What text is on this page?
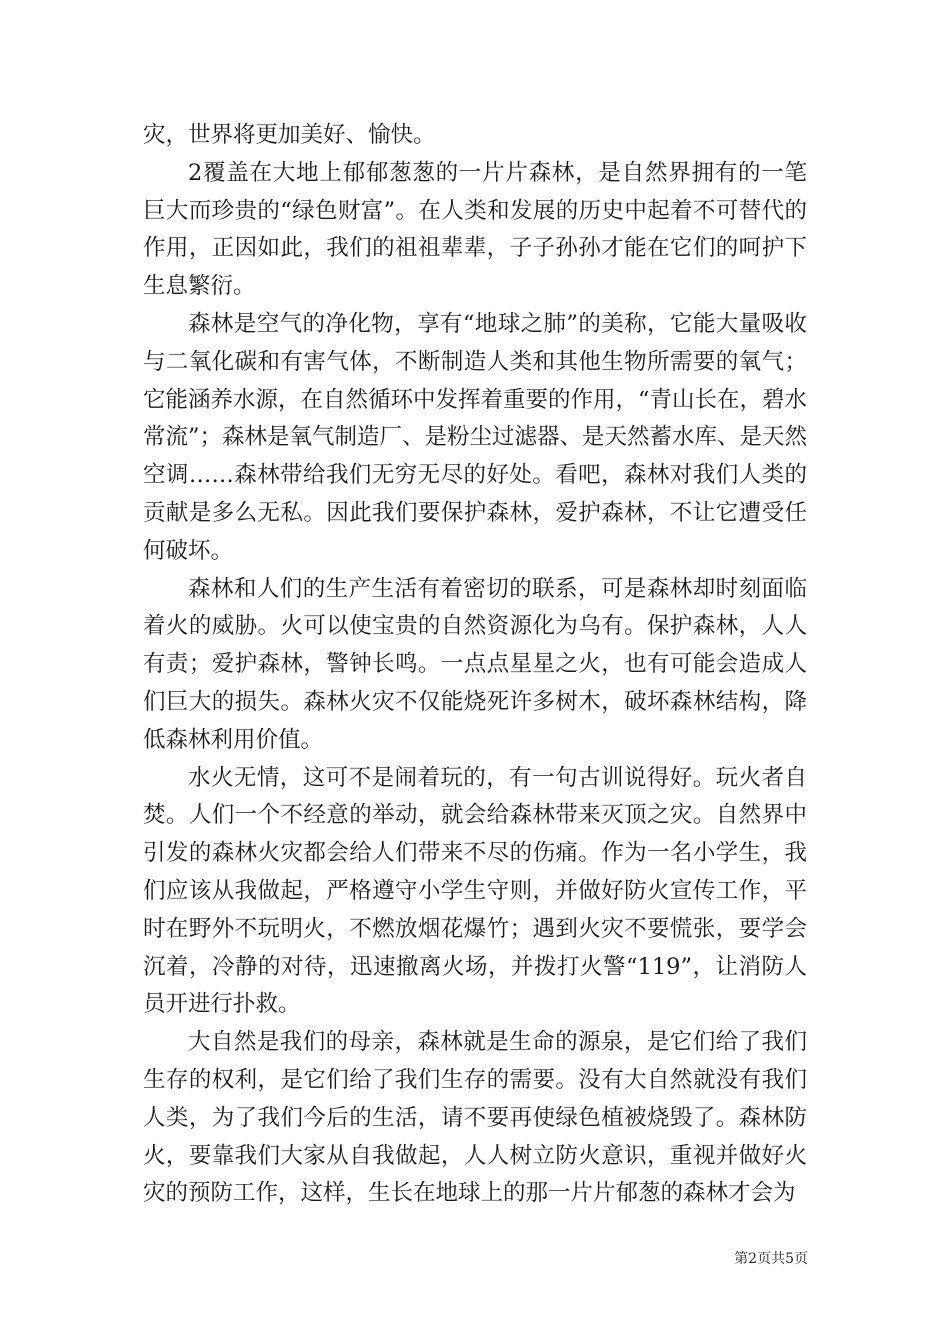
灾，世界将更加美好、愉快。

2覆盖在大地上郁郁葱葱的一片片森林，是自然界拥有的一笔巨大而珍贵的“绿色财富”。在人类和发展的历史中起着不可替代的作用，正因如此，我们的祖祖辈辈，子子孙孙才能在它们的呵护下生息繁衍。

森林是空气的净化物，享有“地球之肺”的美称，它能大量吸收与二氧化碳和有害气体，不断制造人类和其他生物所需要的氧气；它能涵养水源，在自然循环中发挥着重要的作用，“青山长在，碧水常流”；森林是氧气制造厂、是粉尘过滤器、是天然蓄水库、是天然空调……森林带给我们无穷无尽的好处。看吧，森林对我们人类的贡献是多么无私。因此我们要保护森林，爱护森林，不让它遭受任何破坏。

森林和人们的生产生活有着密切的联系，可是森林却时刻面临着火的威胁。火可以使宝贵的自然资源化为乌有。保护森林，人人有责；爱护森林，警钟长鸣。一点点星星之火，也有可能会造成人们巨大的损失。森林火灾不仅能烧死许多树木，破坏森林结构，降低森林利用价值。

水火无情，这可不是闹着玩的，有一句古训说得好。玩火者自焚。人们一个不经意的举动，就会给森林带来灭顶之灾。自然界中引发的森林火灾都会给人们带来不尽的伤痛。作为一名小学生，我们应该从我做起，严格遵守小学生守则，并做好防火宣传工作，平时在野外不玩明火，不燃放烟花爆竹；遇到火灾不要慌张，要学会沉着，冷静的对待，迅速撤离火场，并拨打火警“119”，让消防人员开进行扑救。

大自然是我们的母亲，森林就是生命的源泉，是它们给了我们生存的权利，是它们给了我们生存的需要。没有大自然就没有我们人类，为了我们今后的生活，请不要再使绿色植被烧毁了。森林防火，要靠我们大家从自我做起，人人树立防火意识，重视并做好火灾的预防工作，这样，生长在地球上的那一片片郁葱的森林才会为

第2页共5页
